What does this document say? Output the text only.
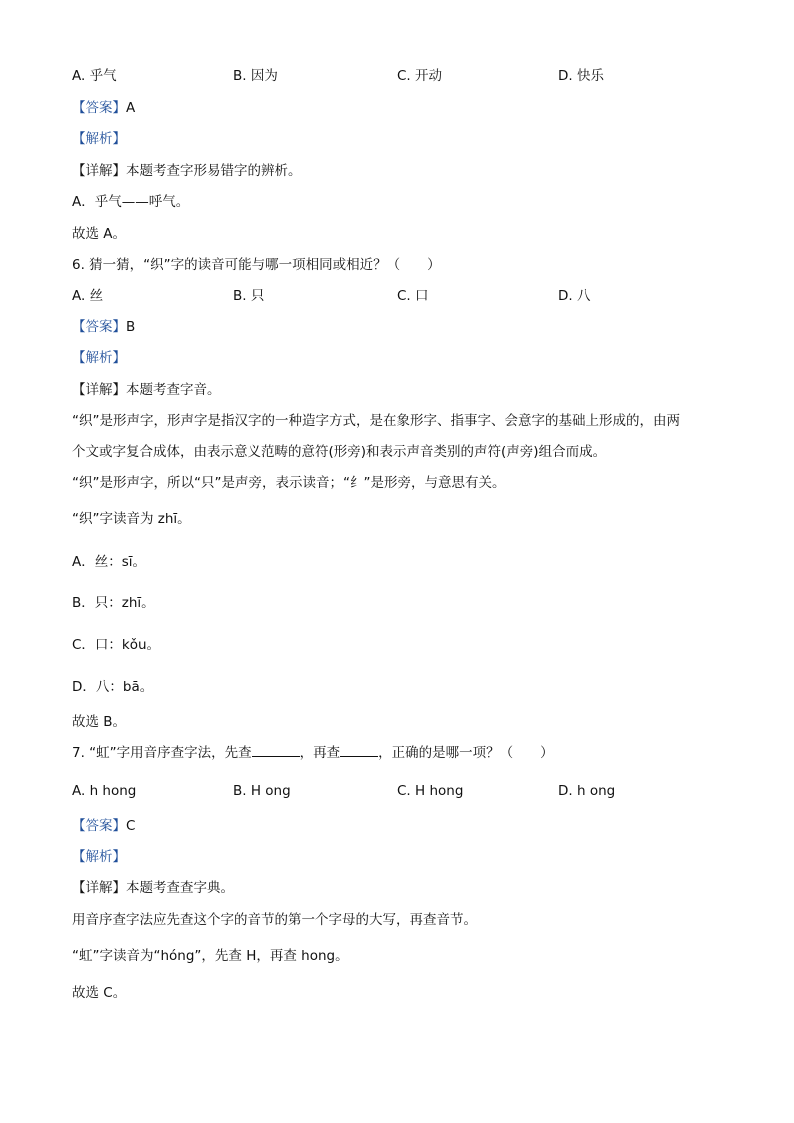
A. 乎气	B. 因为	C. 开动	D. 快乐
【答案】A
【解析】
【详解】本题考查字形易错字的辨析。
A．乎气——呼气。
故选 A。
6. 猜一猜，“织”字的读音可能与哪一项相同或相近？（　　）
A. 丝	B. 只	C. 口	D. 八
【答案】B
【解析】
【详解】本题考查字音。
“织”是形声字，形声字是指汉字的一种造字方式，是在象形字、指事字、会意字的基础上形成的，由两
个文或字复合成体，由表示意义范畴的意符(形旁)和表示声音类别的声符(声旁)组合而成。
“织”是形声字，所以“只”是声旁，表示读音；“纟”是形旁，与意思有关。
“织”字读音为 zhī。
A．丝：sī。
B．只：zhī。
C．口：kǒu。
D．八：bā。
故选 B。
7. “虹”字用音序查字法，先查	，再查	，正确的是哪一项？（　　）
A. h hong	B. H ong	C. H hong	D. h ong
【答案】C
【解析】
【详解】本题考查查字典。
用音序查字法应先查这个字的音节的第一个字母的大写，再查音节。
“虹”字读音为“hóng”，先查 H，再查 hong。
故选 C。
